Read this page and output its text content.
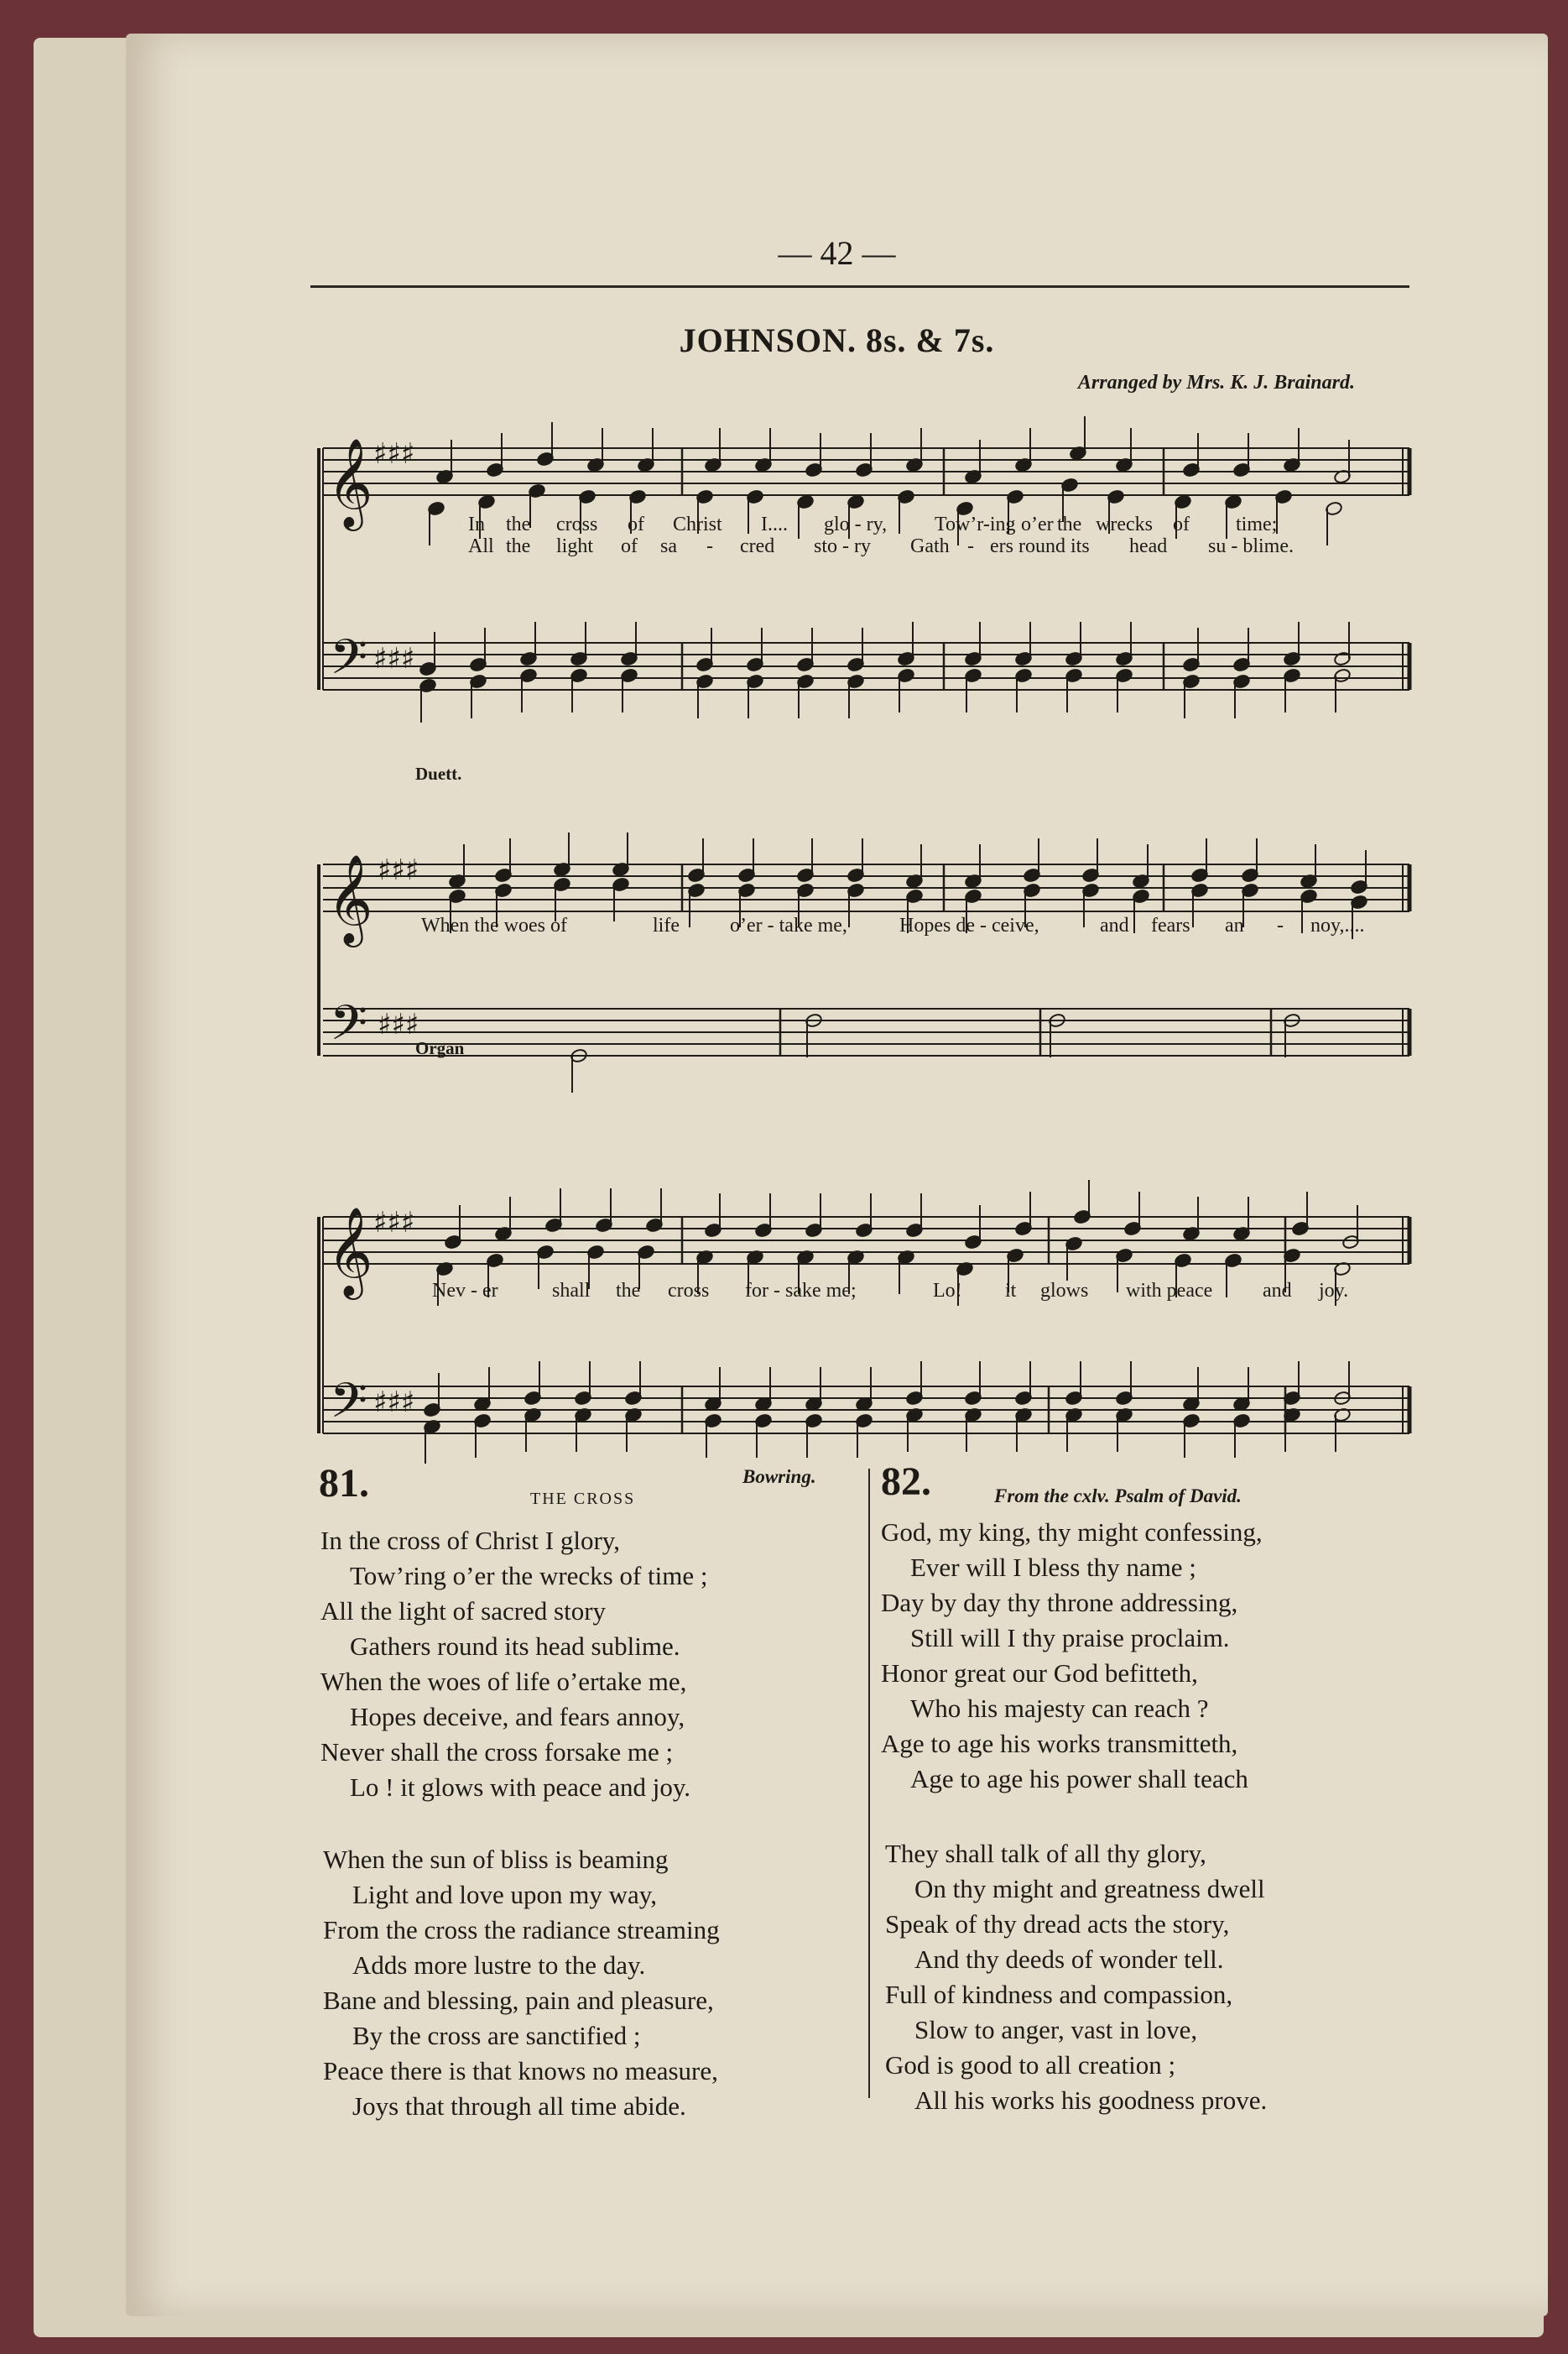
— 42 —
JOHNSON. 8s. & 7s.
Arranged by Mrs. K. J. Brainard.
𝄞
𝄢
♯♯♯
♯♯♯
𝄞 ♯♯♯
𝄢 ♯♯♯
𝄞
𝄢
♯♯♯
♯♯♯
In the cross of Christ I.... glo - ry, Tow’r-ing o’er the wrecks of time;
All the light of sa - cred sto - ry Gath - ers round its head su - blime.
Duett.
Organ
When the woes of	life	o’er - take me,	Hopes de - ceive,	and fears an - noy,....
Nev - er	shall the cross for - sake me;	Lo! it glows with peace and joy.
81.	THE CROSS
Bowring.
In the cross of Christ I glory,
Tow’ring o’er the wrecks of time ;
All the light of sacred story
Gathers round its head sublime.
When the woes of life o’ertake me,
Hopes deceive, and fears annoy,
Never shall the cross forsake me ;
Lo ! it glows with peace and joy.
When the sun of bliss is beaming
Light and love upon my way,
From the cross the radiance streaming
Adds more lustre to the day.
Bane and blessing, pain and pleasure,
By the cross are sanctified ;
Peace there is that knows no measure,
Joys that through all time abide.
82.	From the cxlv. Psalm of David.
God, my king, thy might confessing,
Ever will I bless thy name ;
Day by day thy throne addressing,
Still will I thy praise proclaim.
Honor great our God befitteth,
Who his majesty can reach ?
Age to age his works transmitteth,
Age to age his power shall teach
They shall talk of all thy glory,
On thy might and greatness dwell
Speak of thy dread acts the story,
And thy deeds of wonder tell.
Full of kindness and compassion,
Slow to anger, vast in love,
God is good to all creation ;
All his works his goodness prove.
